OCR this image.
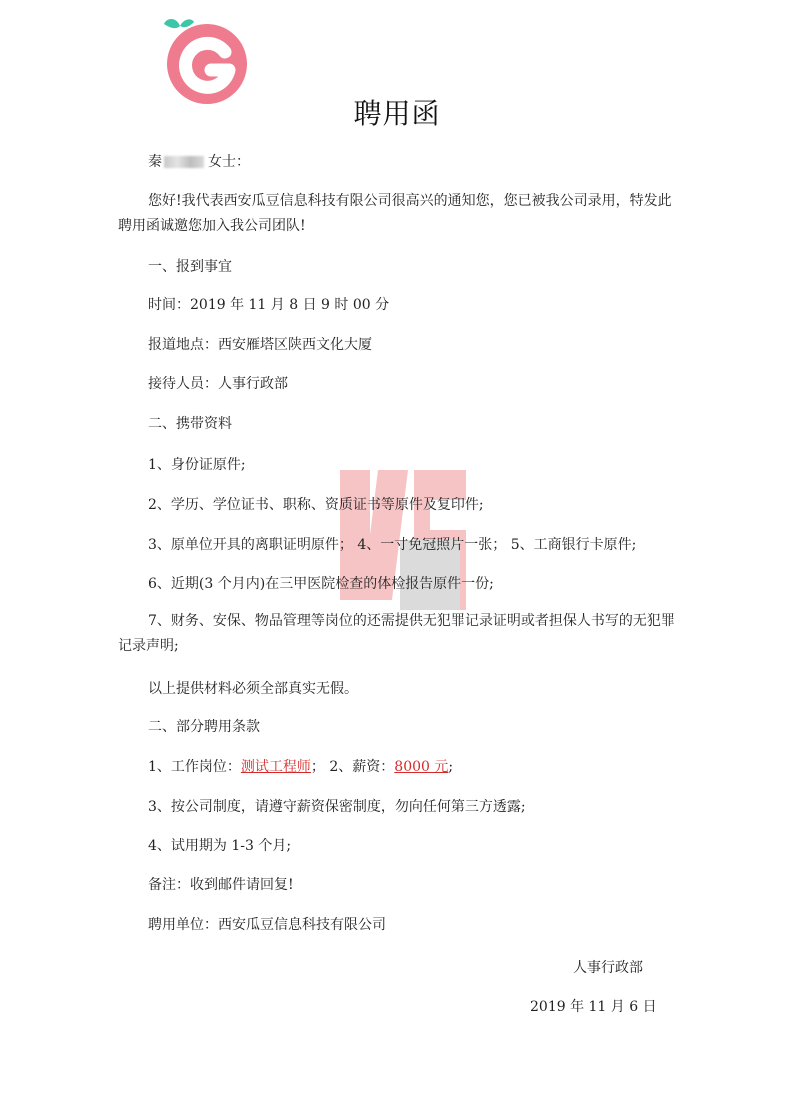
聘用函
秦	女士：
您好!我代表西安瓜豆信息科技有限公司很高兴的通知您，您已被我公司录用，特发此聘用函诚邀您加入我公司团队!
一、报到事宜
时间：2019 年 11 月 8 日 9 时 00 分
报道地点：西安雁塔区陕西文化大厦
接待人员：人事行政部
二、携带资料
1、身份证原件;
2、学历、学位证书、职称、资质证书等原件及复印件;
3、原单位开具的离职证明原件； 4、一寸免冠照片一张； 5、工商银行卡原件;
6、近期(3 个月内)在三甲医院检查的体检报告原件一份;
7、财务、安保、物品管理等岗位的还需提供无犯罪记录证明或者担保人书写的无犯罪记录声明;
以上提供材料必须全部真实无假。
二、部分聘用条款
1、工作岗位：测试工程师； 2、薪资：8000 元;
3、按公司制度，请遵守薪资保密制度，勿向任何第三方透露;
4、试用期为 1-3 个月;
备注：收到邮件请回复!
聘用单位：西安瓜豆信息科技有限公司
人事行政部
2019 年 11 月 6 日
